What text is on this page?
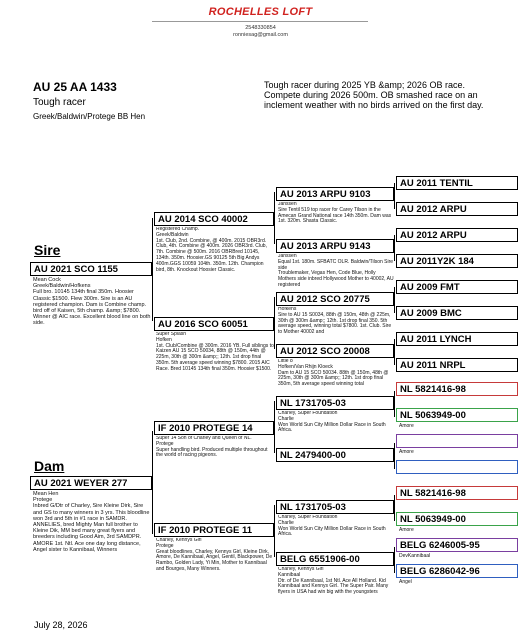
ROCHELLES LOFT
2548330854
ronniesag@gmail.com
AU 25 AA 1433
Tough racer
Greek/Baldwin/Protege BB Hen
Tough racer during 2025 YB &amp; 2026 OB race. Compete during 2026 500m. OB smashed race on an inclement weather with no birds arrived on the first day.
Sire
AU 2021 SCO 1155
Mean Cock
Greek/Baldwin/Hofkens
Full bro. 10145 134th final 350m. Hoosier Classic $1500. Flew 300m. Sire is an AU registered champion. Dam is Combine champ. bird off of Kaisen, 5th champ. &amp; $7800. Winner @ AIC race. Excellent blood line on both side.
Dam
AU 2021 WEYER 277
Mean Hen
Protege
Inbred G/Dtr of Charley, Sire Kleine Dirk, Sire and GS to many winners in 3 yrs. This bloodline won 3rd and 5th in #1 race in SAMDR. ANNELIES, bred Mighty Man full brother to Kleine Dik, MM bed many great flyers and breeders including Good Aim, 3rd SAMDPR. AMORE 1st. Ntl. Ace one day long distance, Angel sister to Kannibaal, Winners
AU 2014 SCO 40002
Registered Champ.
Greek/Baldwin
1st. Club, 2nd. Combine, @ 400m. 2015 OBR3rd. Club, 4th. Combine @ 400m. 2026 OBR3rd. Club, 7th. Combine @ 500m. 2016 OBRBred 10145, 134th. 350m. Hoosier.GS 90125 5th Big Andys 400m.GGS 10059 104th. 350m. 12th. Champion bird, 8th. Knockout Hoosier Classic.
AU 2016 SCO 60051
Super Splash
Hofken
1st. Club/Combine @ 300m. 2016 YB. Full siblings to Kaizen AU 15 SCO 50034, 88th @ 150m, 44th @ 225m, 30th @ 300m &amp;; 12th. 1st drop final 350m. 5th average speed winning $7800. 2015 AIC Race. Bred 10145 134th final 350m. Hoosier $1500.
IF 2010 PROTEGE 14
Super 14 Son of Charley and Queen of NL.
Protege
Super handling bird. Produced multiple throughout the world of racing pigeons.
IF 2010 PROTEGE 11
Charley, Kennys Girl
Protege
Great bloodlines, Charley, Kennys Girl, Kleine Dirk, Amore, De Kannibaal, Angel, Gentil, Blackpower, De Rambo, Golden Lady, Yi Min, Mother to Kannibaal and Bourges, Many Winners.
AU 2013 ARPU 9103
Janssen
Sire Tentil 519 top racer for Carey Tilson in the Amecan Grand National race 14th 350m. Dam was 1st. 320m. Shasta Classic.
AU 2013 ARPU 9143
Janssen
Equal 1st. 180m. SFBATC OLR. Baldwin/Tilson Sire side
Troublemaker, Vegas Hen, Code Blue, Holly Mothers side inbred Hollywood Mother to 40002, AU registered
AU 2012 SCO 20775
Hofkens
Sire to AU 15 S0034, 88th @ 150m, 48th @ 225m, 30th @ 300m &amp;; 12th. 1st drop final 350. 5th average speed, winning total $7800. 1st. Club. Sire to Mother 40002 and
AU 2012 SCO 20008
Little 8
Hofken/Van Rhijn Kloeck
Dam to AU 15 SCO 50034. 88th @ 150m, 48th @ 225m, 30th @ 300m &amp;; 12th. 1st drop final 350m, 5th average speed winning total
NL 1731705-03
Charley, Super Foundation
Charlie
Won World Sun City Million Dollar Race in South Africa.
NL 2479400-00
NL 1731705-03
Charley, Super Foundation
Charlie
Won World Sun City Million Dollar Race in South Africa.
BELG 6551906-00
Charley, Kennys Girl
Kannibaal
Dtr. of De Kannibaal, 1st Ntl. Ace All Holland. Kid Kannibaal and Kennys Girl. The Super Pair. Many flyers in USA had win big with the youngsters
AU 2011 TENTIL
AU 2012 ARPU
AU 2012 ARPU
AU 2011Y2K 184
AU 2009 FMT
AU 2009 BMC
AU 2011 LYNCH
AU 2011 NRPL
NL 5821416-98
NL 5063949-00
Amore
Amore
NL 5821416-98
NL 5063949-00
Amore
BELG 6246005-95
DevKannibaal
BELG 6286042-96
Angel
July 28, 2026
